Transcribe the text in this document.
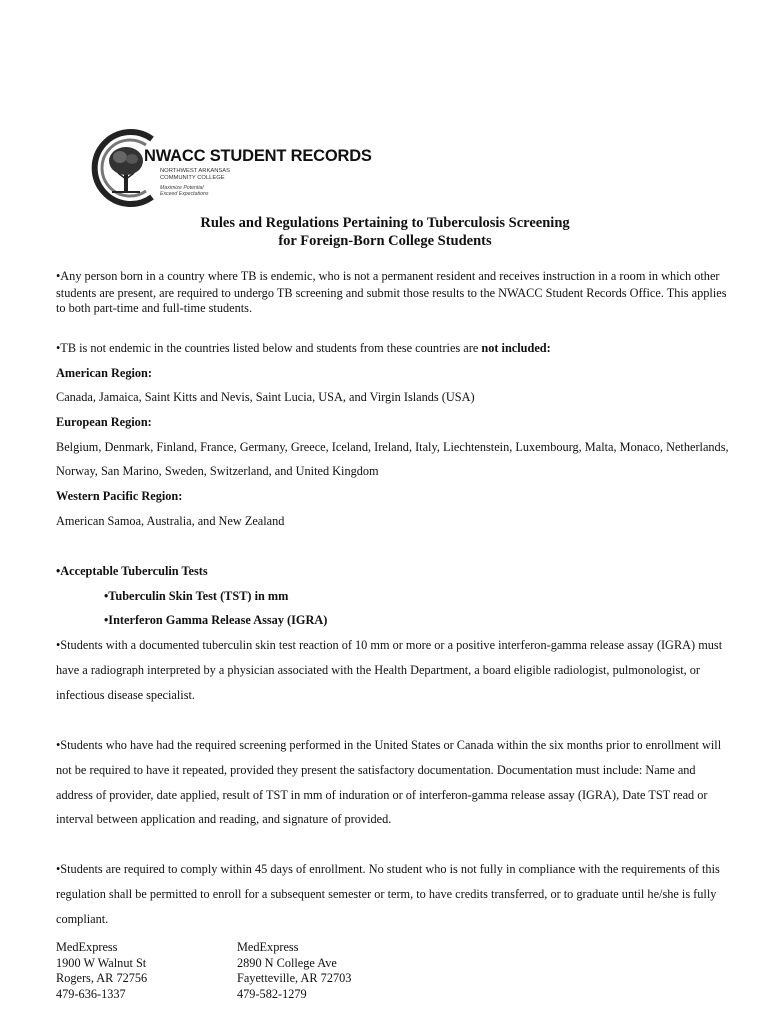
NWACC STUDENT RECORDS
NORTHWEST ARKANSAS
COMMUNITY COLLEGE
Maximize Potential
Exceed Expectations
Rules and Regulations Pertaining to Tuberculosis Screening
for Foreign-Born College Students
•Any person born in a country where TB is endemic, who is not a permanent resident and receives instruction in a room in which other
students are present, are required to undergo TB screening and submit those results to the NWACC Student Records Office. This applies
to both part-time and full-time students.
•TB is not endemic in the countries listed below and students from these countries are not included:
American Region:
Canada, Jamaica, Saint Kitts and Nevis, Saint Lucia, USA, and Virgin Islands (USA)
European Region:
Belgium, Denmark, Finland, France, Germany, Greece, Iceland, Ireland, Italy, Liechtenstein, Luxembourg, Malta, Monaco, Netherlands,
Norway, San Marino, Sweden, Switzerland, and United Kingdom
Western Pacific Region:
American Samoa, Australia, and New Zealand
•Acceptable Tuberculin Tests
•Tuberculin Skin Test (TST) in mm
•Interferon Gamma Release Assay (IGRA)
•Students with a documented tuberculin skin test reaction of 10 mm or more or a positive interferon-gamma release assay (IGRA) must
have a radiograph interpreted by a physician associated with the Health Department, a board eligible radiologist, pulmonologist, or
infectious disease specialist.
•Students who have had the required screening performed in the United States or Canada within the six months prior to enrollment will
not be required to have it repeated, provided they present the satisfactory documentation. Documentation must include: Name and
address of provider, date applied, result of TST in mm of induration or of interferon-gamma release assay (IGRA), Date TST read or
interval between application and reading, and signature of provided.
•Students are required to comply within 45 days of enrollment. No student who is not fully in compliance with the requirements of this
regulation shall be permitted to enroll for a subsequent semester or term, to have credits transferred, or to graduate until he/she is fully
compliant.
MedExpress
1900 W Walnut St
Rogers, AR 72756
479-636-1337
MedExpress
2890 N College Ave
Fayetteville, AR 72703
479-582-1279
